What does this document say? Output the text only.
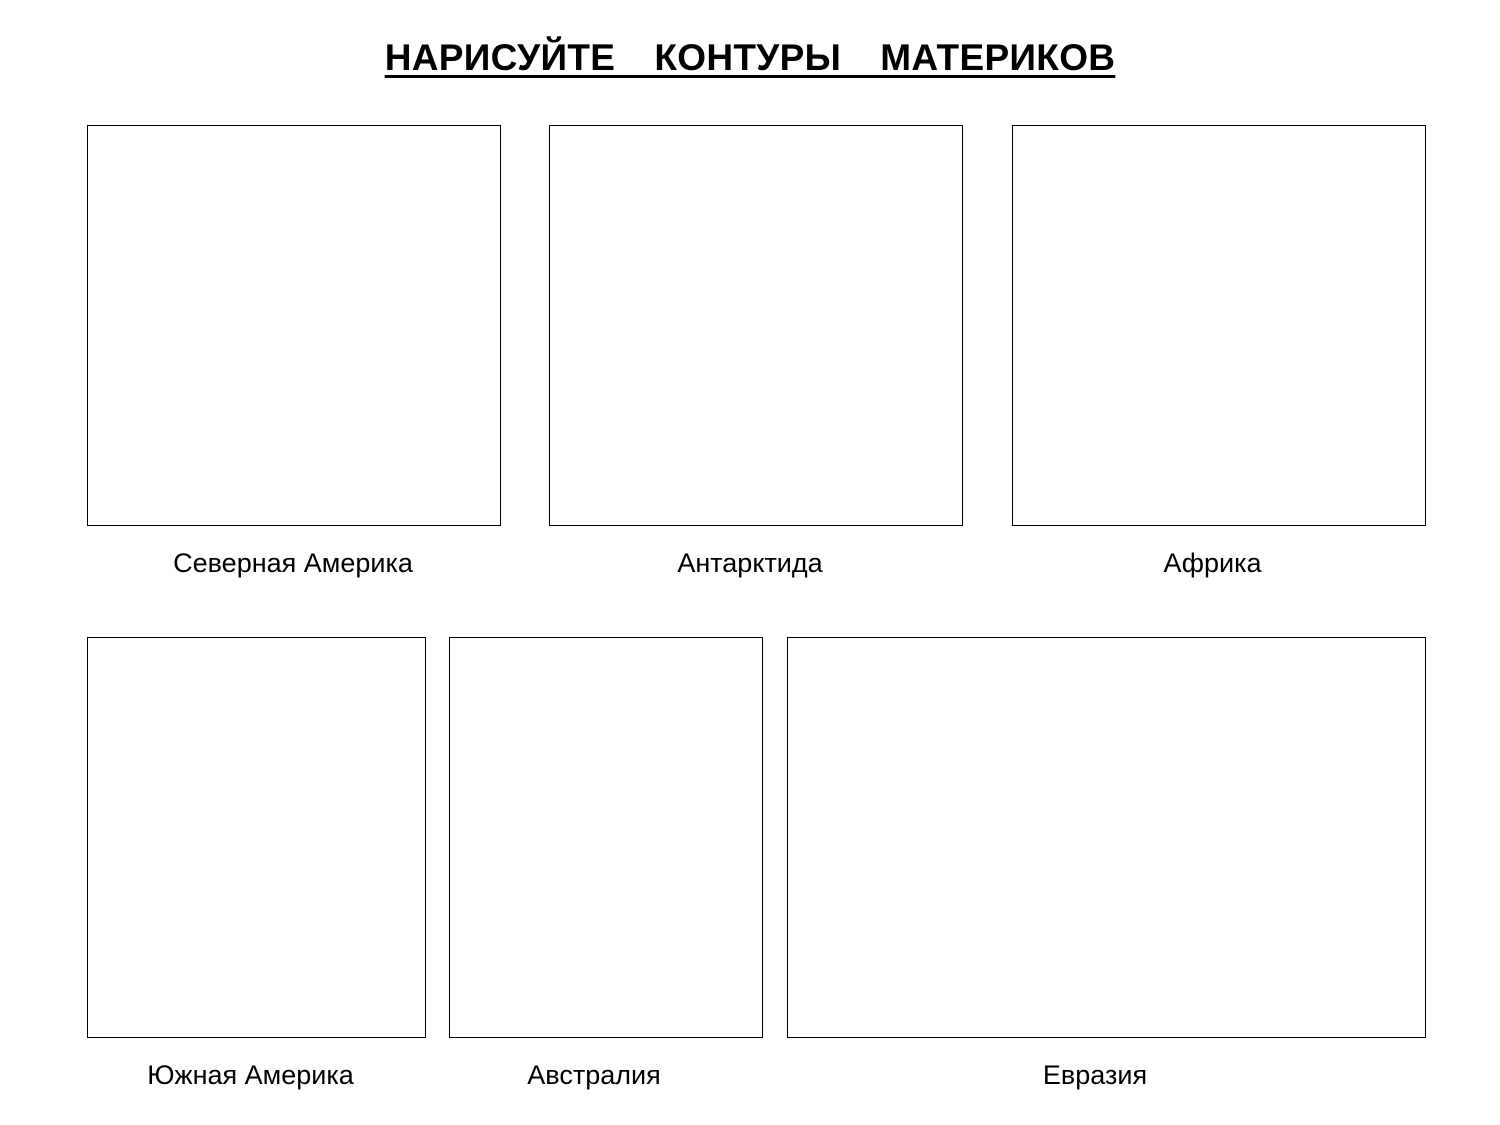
НАРИСУЙТЕ  КОНТУРЫ  МАТЕРИКОВ
Северная Америка	Антарктида	Африка
Южная Америка	Австралия	Евразия
